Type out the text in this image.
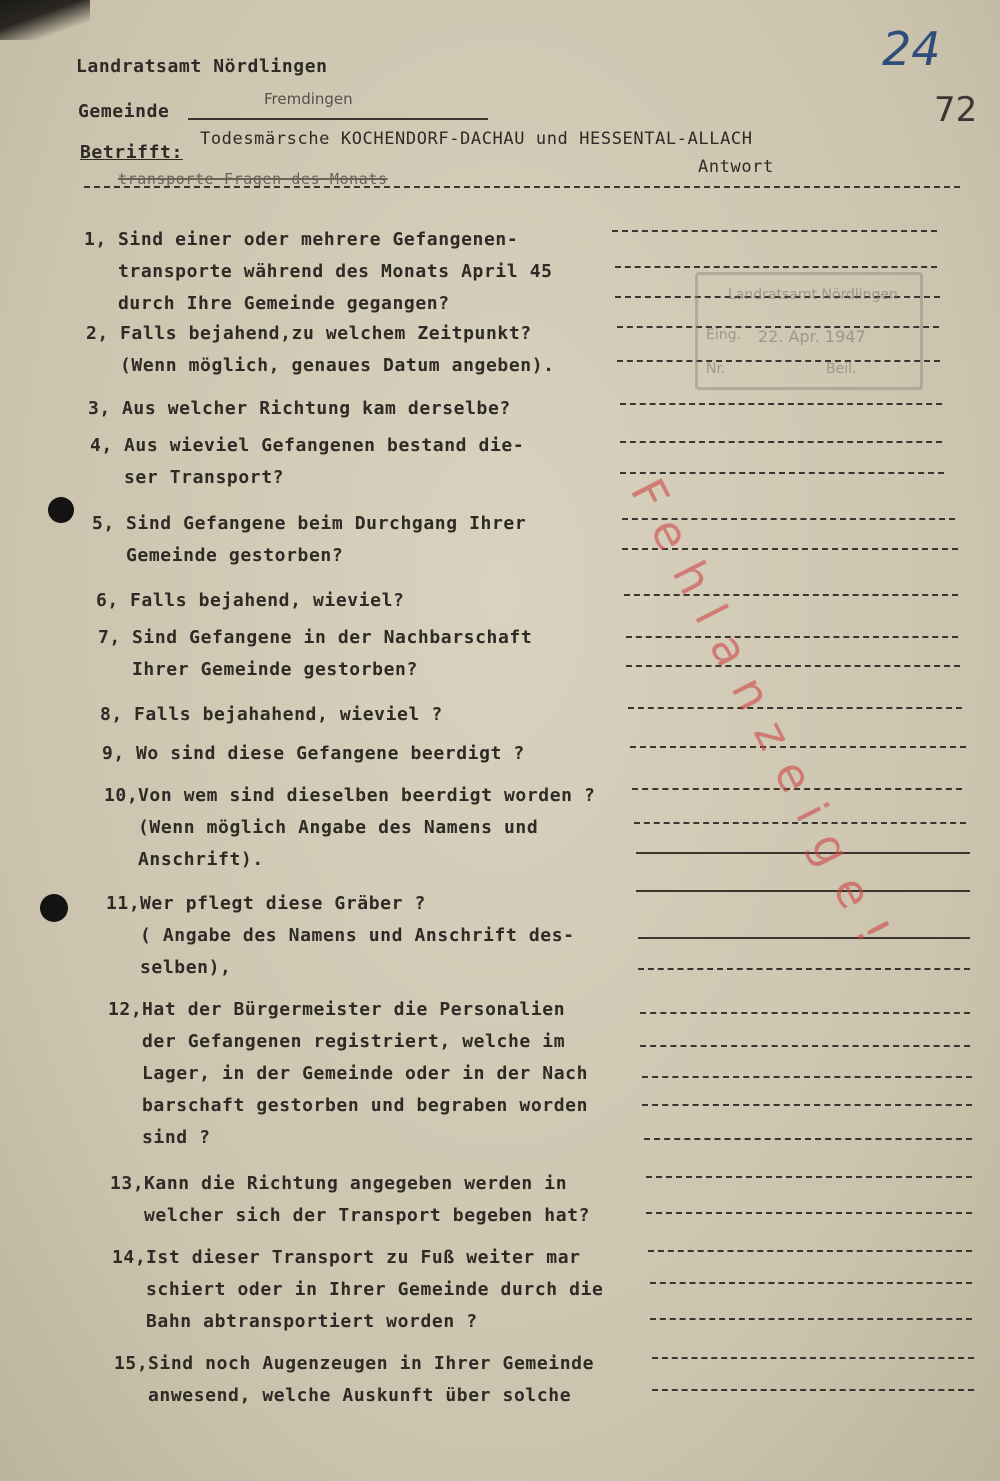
Landratsamt Nördlingen	24
72
Gemeinde
Fremdingen
Betrifft:
Todesmärsche KOCHENDORF-DACHAU und HESSENTAL-ALLACH
transporte Fragen des Monats
Antwort
1, Sind einer oder mehrere Gefangenen-
transporte während des Monats April 45
durch Ihre Gemeinde gegangen?
2, Falls bejahend,zu welchem Zeitpunkt?
(Wenn möglich, genaues Datum angeben).
3, Aus welcher Richtung kam derselbe?
4, Aus wieviel Gefangenen bestand die-
ser Transport?
5, Sind Gefangene beim Durchgang Ihrer
Gemeinde gestorben?
6, Falls bejahend, wieviel?
7, Sind Gefangene in der Nachbarschaft
Ihrer Gemeinde gestorben?
8, Falls bejahahend, wieviel ?
9, Wo sind diese Gefangene beerdigt ?
10,Von wem sind dieselben beerdigt worden ?
(Wenn möglich Angabe des Namens und
Anschrift).
11,Wer pflegt diese Gräber ?
( Angabe des Namens und Anschrift des-
selben),
12,Hat der Bürgermeister die Personalien
der Gefangenen registriert, welche im
Lager, in der Gemeinde oder in der Nach
barschaft gestorben und begraben worden
sind ?
13,Kann die Richtung angegeben werden in
welcher sich der Transport begeben hat?
14,Ist dieser Transport zu Fuß weiter mar
schiert oder in Ihrer Gemeinde durch die
Bahn abtransportiert worden ?
15,Sind noch Augenzeugen in Ihrer Gemeinde
anwesend, welche Auskunft über solche
Landratsamt Nördlingen
Eing. 22. Apr. 1947
Nr.	Beil.
Fehlanzeige!
